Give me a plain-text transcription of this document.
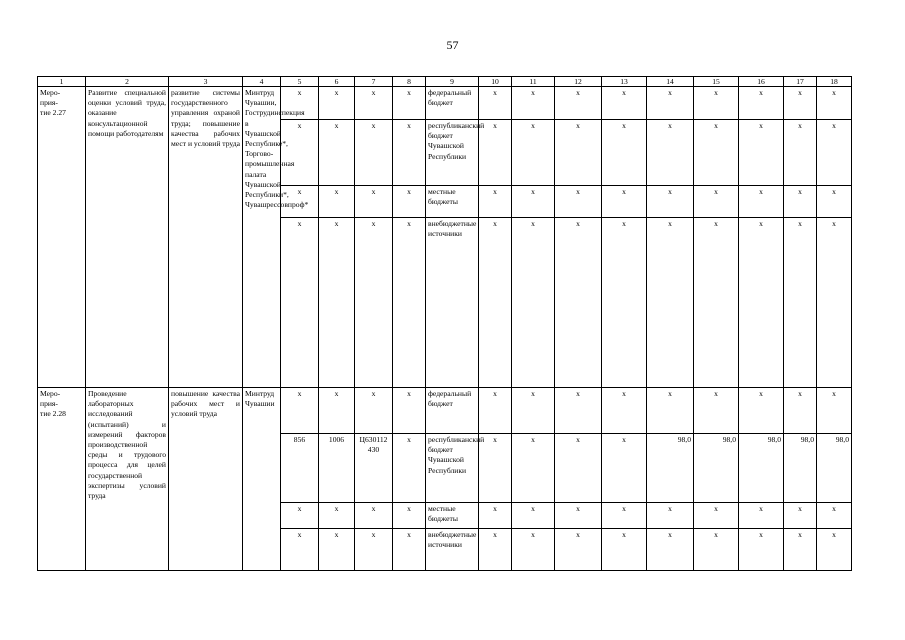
57
1	2	3	4	5	6	7	8	9	10	11	12	13	14	15	16	17	18
Меро-
прия-
тие 2.27	Развитие специальной оценки условий труда, оказание консультационной помощи работодателям	развитие системы государственного управления охраной труда; повышение качества рабочих мест и условий труда	Минтруд Чувашии, Гострудинспекция в Чувашской Республике*, Торгово-промышленная палата Чувашской Республики*, Чувашрессовпроф*	x	x	x	x	федеральный бюджет	x	x	x	x	x	x	x	x	x
				x	x	x	x	республиканский бюджет Чувашской Республики	x	x	x	x	x	x	x	x	x
				x	x	x	x	местные бюджеты	x	x	x	x	x	x	x	x	x
				x	x	x	x	внебюджетные источники	x	x	x	x	x	x	x	x	x
Меро-
прия-
тие 2.28	Проведение лабораторных исследований (испытаний) и измерений факторов производственной среды и трудового процесса для целей государственной экспертизы условий труда	повышение качества рабочих мест и условий труда	Минтруд Чувашии	x	x	x	x	федеральный бюджет	x	x	x	x	x	x	x	x	x
				856	1006	Ц630112 430	x	республиканский бюджет Чувашской Республики	x	x	x	x	98,0	98,0	98,0	98,0	98,0
				x	x	x	x	местные бюджеты	x	x	x	x	x	x	x	x	x
				x	x	x	x	внебюджетные источники	x	x	x	x	x	x	x	x	x
